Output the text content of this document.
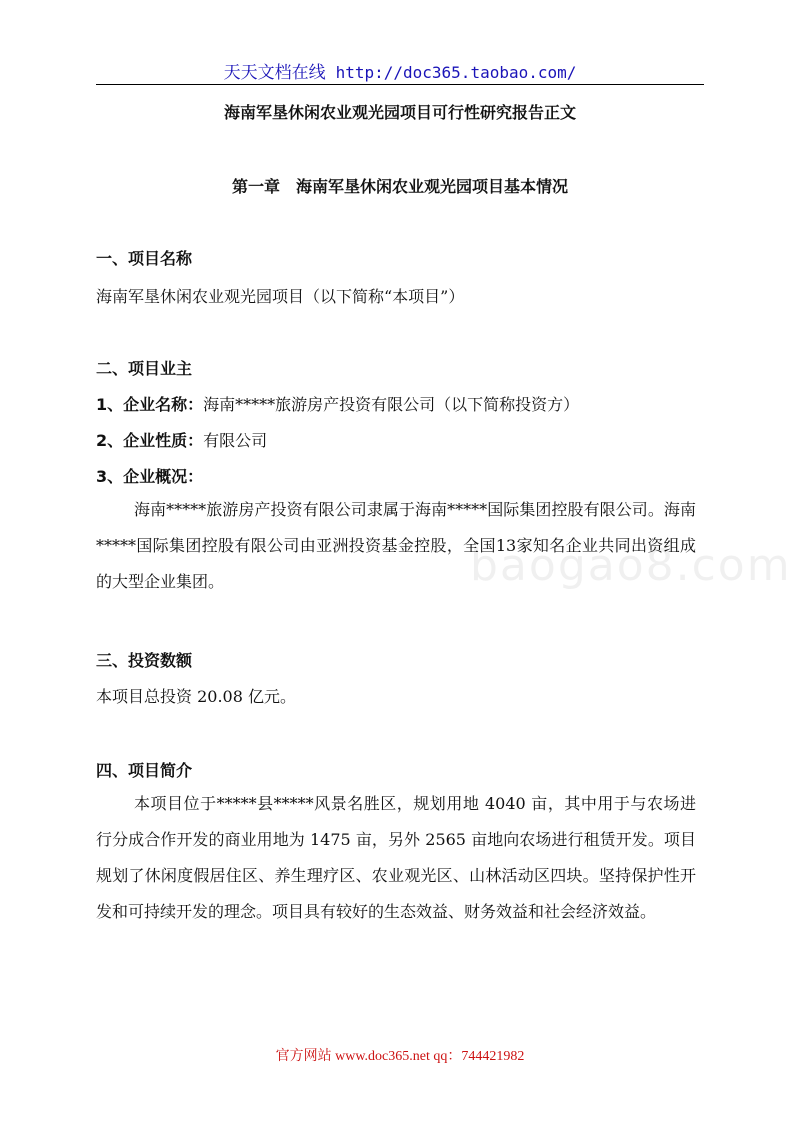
天天文档在线 http://doc365.taobao.com/
海南军垦休闲农业观光园项目可行性研究报告正文
第一章　海南军垦休闲农业观光园项目基本情况
一、项目名称
海南军垦休闲农业观光园项目（以下简称“本项目”）
二、项目业主
1、企业名称：海南*****旅游房产投资有限公司（以下简称投资方）
2、企业性质：有限公司
3、企业概况：
海南*****旅游房产投资有限公司隶属于海南*****国际集团控股有限公司。海南*****国际集团控股有限公司由亚洲投资基金控股，全国13家知名企业共同出资组成的大型企业集团。	baogao8.com
三、投资数额
本项目总投资 20.08 亿元。
四、项目简介
本项目位于*****县*****风景名胜区，规划用地 4040 亩，其中用于与农场进行分成合作开发的商业用地为 1475 亩，另外 2565 亩地向农场进行租赁开发。项目规划了休闲度假居住区、养生理疗区、农业观光区、山林活动区四块。坚持保护性开发和可持续开发的理念。项目具有较好的生态效益、财务效益和社会经济效益。
官方网站 www.doc365.net qq：744421982
